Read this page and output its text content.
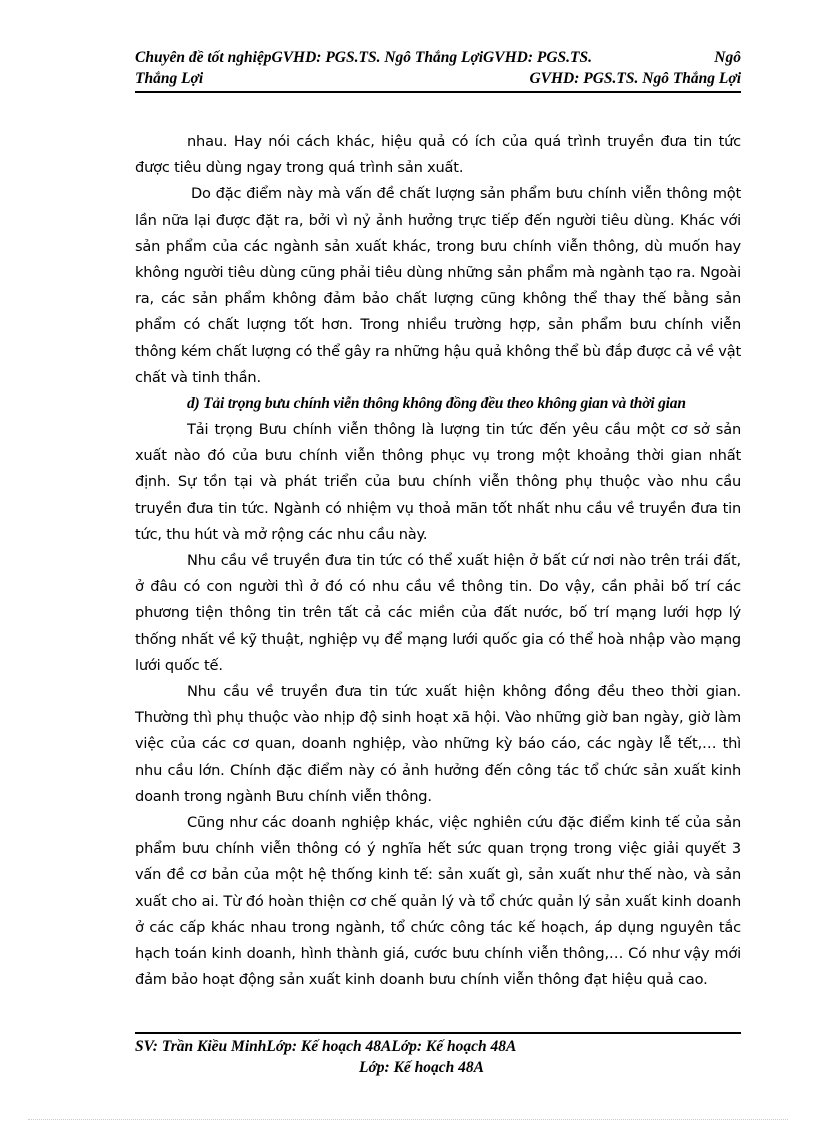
Chuyên đề tốt nghiệpGVHD: PGS.TS. Ngô Thắng LợiGVHD: PGS.TS.	Ngô
Thắng Lợi	GVHD: PGS.TS. Ngô Thắng Lợi

nhau. Hay nói cách khác, hiệu quả có ích của quá trình truyền đưa tin tức được tiêu dùng ngay trong quá trình sản xuất.

Do đặc điểm này mà vấn đề chất lượng sản phẩm bưu chính viễn thông một lần nữa lại được đặt ra, bởi vì nỷ ảnh hưởng trực tiếp đến người tiêu dùng. Khác với sản phẩm của các ngành sản xuất khác, trong bưu chính viễn thông, dù muốn hay không người tiêu dùng cũng phải tiêu dùng những sản phẩm mà ngành tạo ra. Ngoài ra, các sản phẩm không đảm bảo chất lượng cũng không thể thay thế bằng sản phẩm có chất lượng tốt hơn. Trong nhiều trường hợp, sản phẩm bưu chính viễn thông kém chất lượng có thể gây ra những hậu quả không thể bù đắp được cả về vật chất và tinh thần.

d) Tải trọng bưu chính viễn thông không đồng đều theo không gian và thời gian

Tải trọng Bưu chính viễn thông là lượng tin tức đến yêu cầu một cơ sở sản xuất nào đó của bưu chính viễn thông phục vụ trong một khoảng thời gian nhất định. Sự tồn tại và phát triển của bưu chính viễn thông phụ thuộc vào nhu cầu truyền đưa tin tức. Ngành có nhiệm vụ thoả mãn tốt nhất nhu cầu về truyền đưa tin tức, thu hút và mở rộng các nhu cầu này.

Nhu cầu về truyền đưa tin tức có thể xuất hiện ở bất cứ nơi nào trên trái đất, ở đâu có con người thì ở đó có nhu cầu về thông tin. Do vậy, cần phải bố trí các phương tiện thông tin trên tất cả các miền của đất nước, bố trí mạng lưới hợp lý thống nhất về kỹ thuật, nghiệp vụ để mạng lưới quốc gia có thể hoà nhập vào mạng lưới quốc tế.

Nhu cầu về truyền đưa tin tức xuất hiện không đồng đều theo thời gian. Thường thì phụ thuộc vào nhịp độ sinh hoạt xã hội. Vào những giờ ban ngày, giờ làm việc của các cơ quan, doanh nghiệp, vào những kỳ báo cáo, các ngày lễ tết,… thì nhu cầu lớn. Chính đặc điểm này có ảnh hưởng đến công tác tổ chức sản xuất kinh doanh trong ngành Bưu chính viễn thông.

Cũng như các doanh nghiệp khác, việc nghiên cứu đặc điểm kinh tế của sản phẩm bưu chính viễn thông có ý nghĩa hết sức quan trọng trong việc giải quyết 3 vấn đề cơ bản của một hệ thống kinh tế: sản xuất gì, sản xuất như thế nào, và sản xuất cho ai. Từ đó hoàn thiện cơ chế quản lý và tổ chức quản lý sản xuất kinh doanh ở các cấp khác nhau trong ngành, tổ chức công tác kế hoạch, áp dụng nguyên tắc hạch toán kinh doanh, hình thành giá, cước bưu chính viễn thông,… Có như vậy mới đảm bảo hoạt động sản xuất kinh doanh bưu chính viễn thông đạt hiệu quả cao.

SV: Trần Kiều MinhLớp: Kế hoạch 48ALớp: Kế hoạch 48A
Lớp: Kế hoạch 48A
